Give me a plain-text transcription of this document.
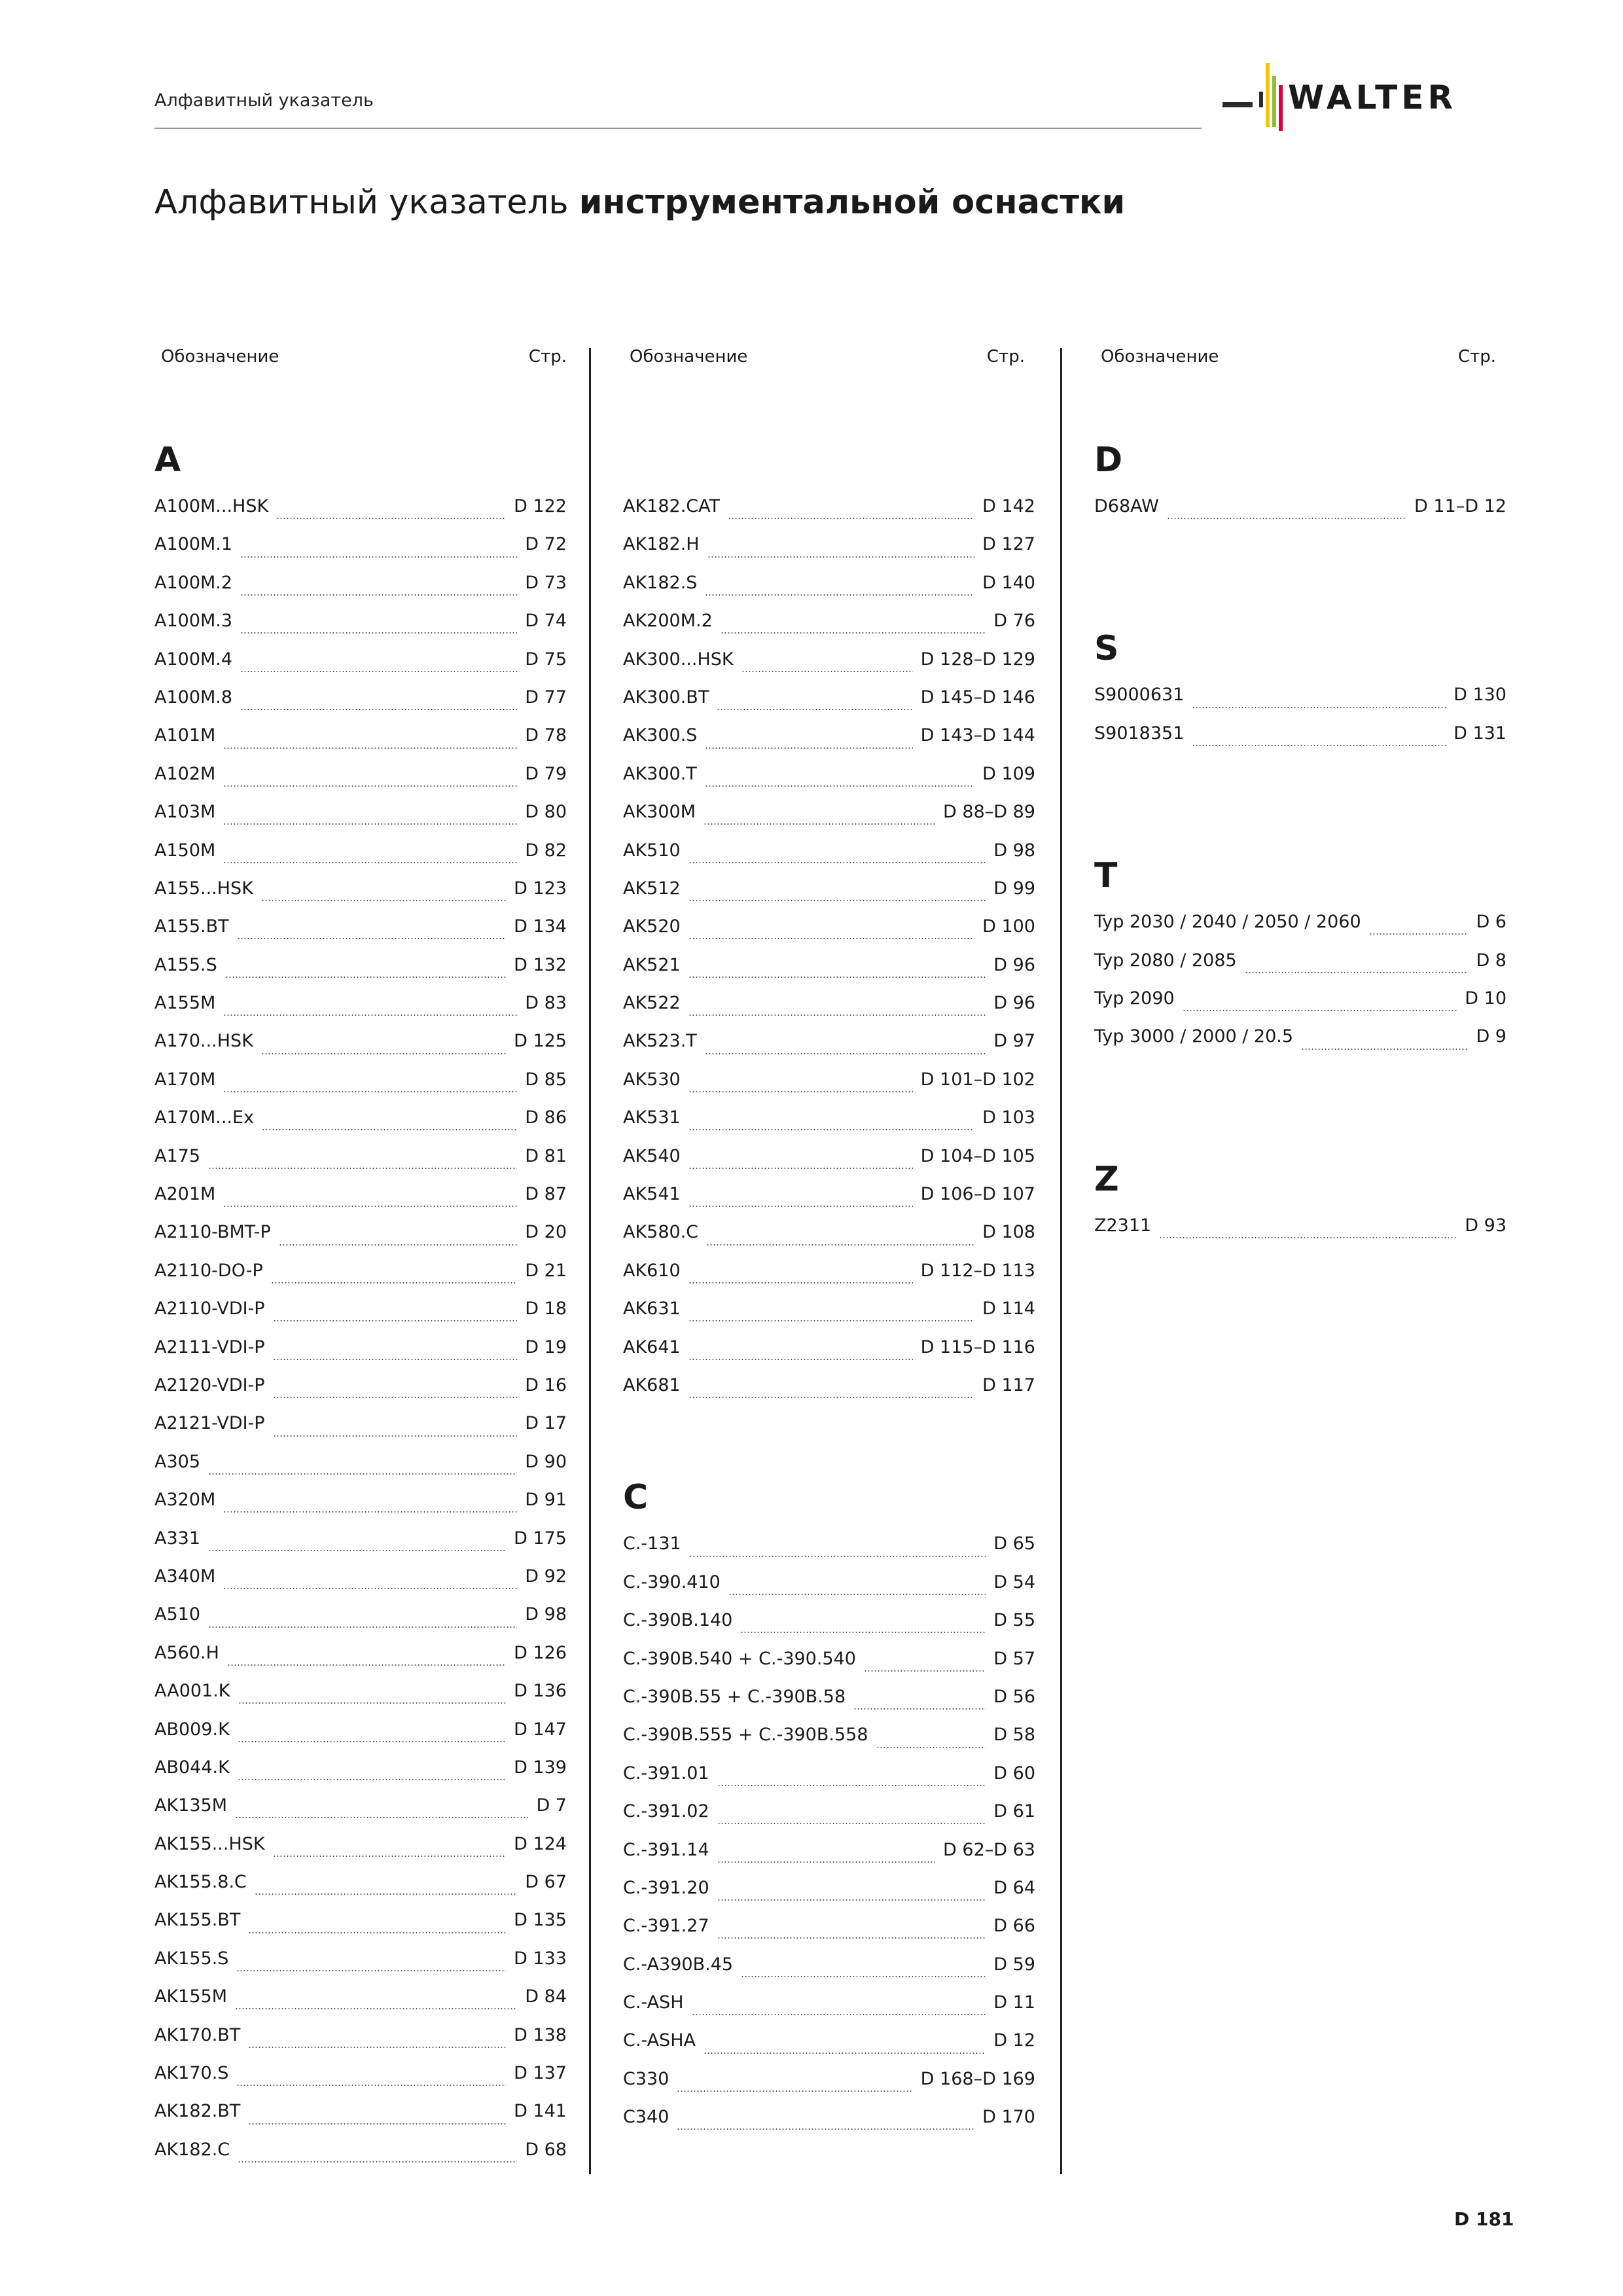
Алфавитный указатель	WALTER
Алфавитный указатель инструментальной оснастки
Обозначение	Стр.
A
A100M...HSK	D 122
A100M.1	D 72
A100M.2	D 73
A100M.3	D 74
A100M.4	D 75
A100M.8	D 77
A101M	D 78
A102M	D 79
A103M	D 80
A150M	D 82
A155...HSK	D 123
A155.BT	D 134
A155.S	D 132
A155M	D 83
A170...HSK	D 125
A170M	D 85
A170M...Ex	D 86
A175	D 81
A201M	D 87
A2110-BMT-P	D 20
A2110-DO-P	D 21
A2110-VDI-P	D 18
A2111-VDI-P	D 19
A2120-VDI-P	D 16
A2121-VDI-P	D 17
A305	D 90
A320M	D 91
A331	D 175
A340M	D 92
A510	D 98
A560.H	D 126
AA001.K	D 136
AB009.K	D 147
AB044.K	D 139
AK135M	D 7
AK155...HSK	D 124
AK155.8.C	D 67
AK155.BT	D 135
AK155.S	D 133
AK155M	D 84
AK170.BT	D 138
AK170.S	D 137
AK182.BT	D 141
AK182.C	D 68
Обозначение	Стр.
AK182.CAT	D 142
AK182.H	D 127
AK182.S	D 140
AK200M.2	D 76
AK300...HSK	D 128–D 129
AK300.BT	D 145–D 146
AK300.S	D 143–D 144
AK300.T	D 109
AK300M	D 88–D 89
AK510	D 98
AK512	D 99
AK520	D 100
AK521	D 96
AK522	D 96
AK523.T	D 97
AK530	D 101–D 102
AK531	D 103
AK540	D 104–D 105
AK541	D 106–D 107
AK580.C	D 108
AK610	D 112–D 113
AK631	D 114
AK641	D 115–D 116
AK681	D 117
C
C.-131	D 65
C.-390.410	D 54
C.-390B.140	D 55
C.-390B.540 + C.-390.540	D 57
C.-390B.55 + C.-390B.58	D 56
C.-390B.555 + C.-390B.558	D 58
C.-391.01	D 60
C.-391.02	D 61
C.-391.14	D 62–D 63
C.-391.20	D 64
C.-391.27	D 66
C.-A390B.45	D 59
C.-ASH	D 11
C.-ASHA	D 12
C330	D 168–D 169
C340	D 170
Обозначение	Стр.
D
D68AW	D 11–D 12
S
S9000631	D 130
S9018351	D 131
T
Typ 2030 / 2040 / 2050 / 2060	D 6
Typ 2080 / 2085	D 8
Typ 2090	D 10
Typ 3000 / 2000 / 20.5	D 9
Z
Z2311	D 93
D 181
